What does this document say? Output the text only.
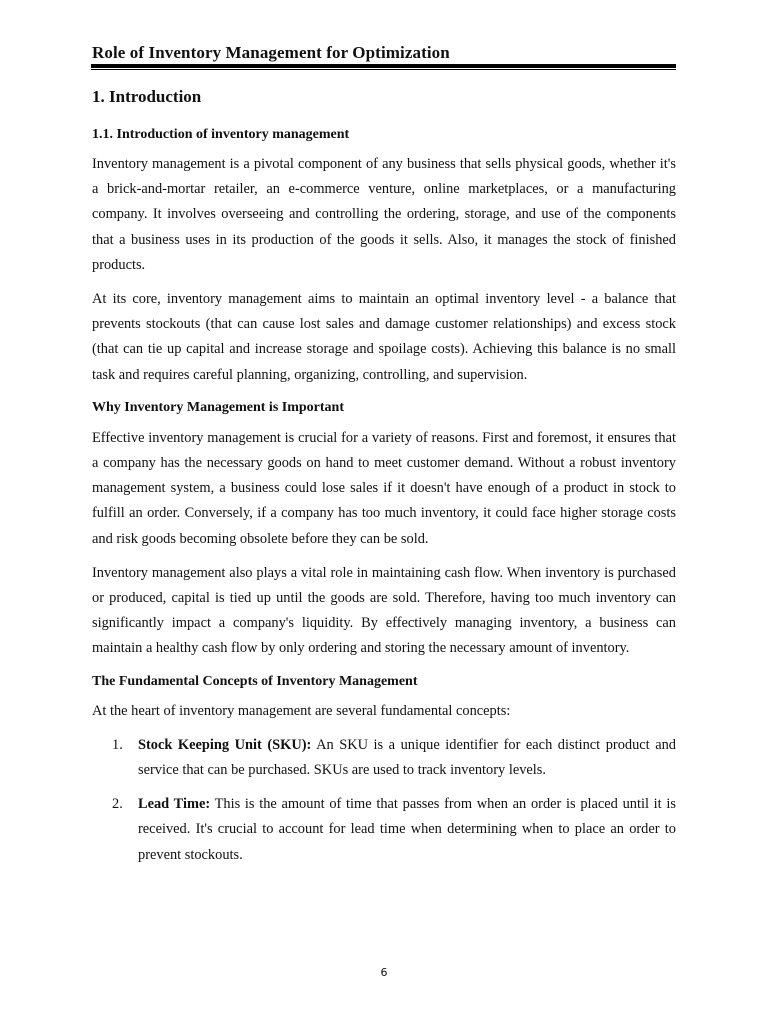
Role of Inventory Management for Optimization
1. Introduction
1.1. Introduction of inventory management

Inventory management is a pivotal component of any business that sells physical goods, whether it's a brick-and-mortar retailer, an e-commerce venture, online marketplaces, or a manufacturing company. It involves overseeing and controlling the ordering, storage, and use of the components that a business uses in its production of the goods it sells. Also, it manages the stock of finished products.

At its core, inventory management aims to maintain an optimal inventory level - a balance that prevents stockouts (that can cause lost sales and damage customer relationships) and excess stock (that can tie up capital and increase storage and spoilage costs). Achieving this balance is no small task and requires careful planning, organizing, controlling, and supervision.

Why Inventory Management is Important

Effective inventory management is crucial for a variety of reasons. First and foremost, it ensures that a company has the necessary goods on hand to meet customer demand. Without a robust inventory management system, a business could lose sales if it doesn't have enough of a product in stock to fulfill an order. Conversely, if a company has too much inventory, it could face higher storage costs and risk goods becoming obsolete before they can be sold.

Inventory management also plays a vital role in maintaining cash flow. When inventory is purchased or produced, capital is tied up until the goods are sold. Therefore, having too much inventory can significantly impact a company's liquidity. By effectively managing inventory, a business can maintain a healthy cash flow by only ordering and storing the necessary amount of inventory.

The Fundamental Concepts of Inventory Management

At the heart of inventory management are several fundamental concepts:

1. Stock Keeping Unit (SKU): An SKU is a unique identifier for each distinct product and service that can be purchased. SKUs are used to track inventory levels.
2. Lead Time: This is the amount of time that passes from when an order is placed until it is received. It's crucial to account for lead time when determining when to place an order to prevent stockouts.
6
